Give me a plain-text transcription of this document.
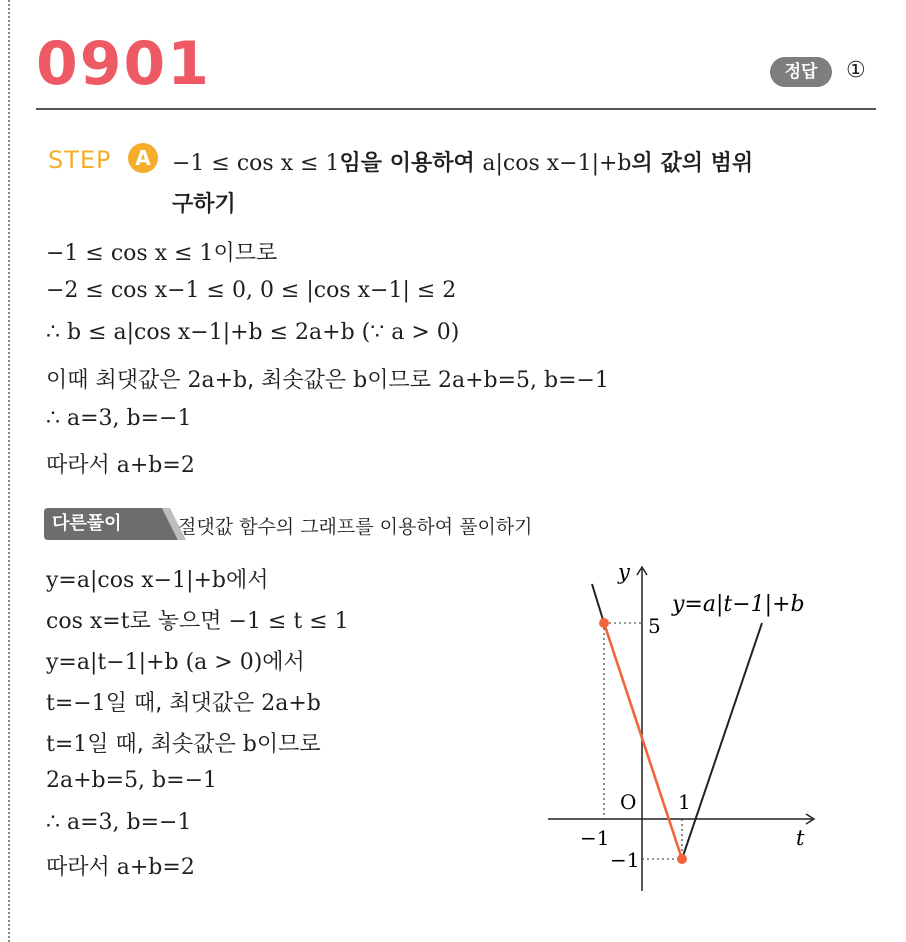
0901	정답	①
STEP	A −1 ≤ cos x ≤ 1임을 이용하여 a|cos x−1|+b의 값의 범위
구하기
−1 ≤ cos x ≤ 1이므로
−2 ≤ cos x−1 ≤ 0, 0 ≤ |cos x−1| ≤ 2
∴ b ≤ a|cos x−1|+b ≤ 2a+b (∵ a > 0)
이때 최댓값은 2a+b, 최솟값은 b이므로 2a+b=5, b=−1
∴ a=3, b=−1
따라서 a+b=2
다른풀이	절댓값 함수의 그래프를 이용하여 풀이하기
y=a|cos x−1|+b에서
cos x=t로 놓으면 −1 ≤ t ≤ 1
y=a|t−1|+b (a > 0)에서
t=−1일 때, 최댓값은 2a+b
t=1일 때, 최솟값은 b이므로
2a+b=5, b=−1
∴ a=3, b=−1
따라서 a+b=2
y=a|t−1|+b
y
t
O
5
1
−1
−1
